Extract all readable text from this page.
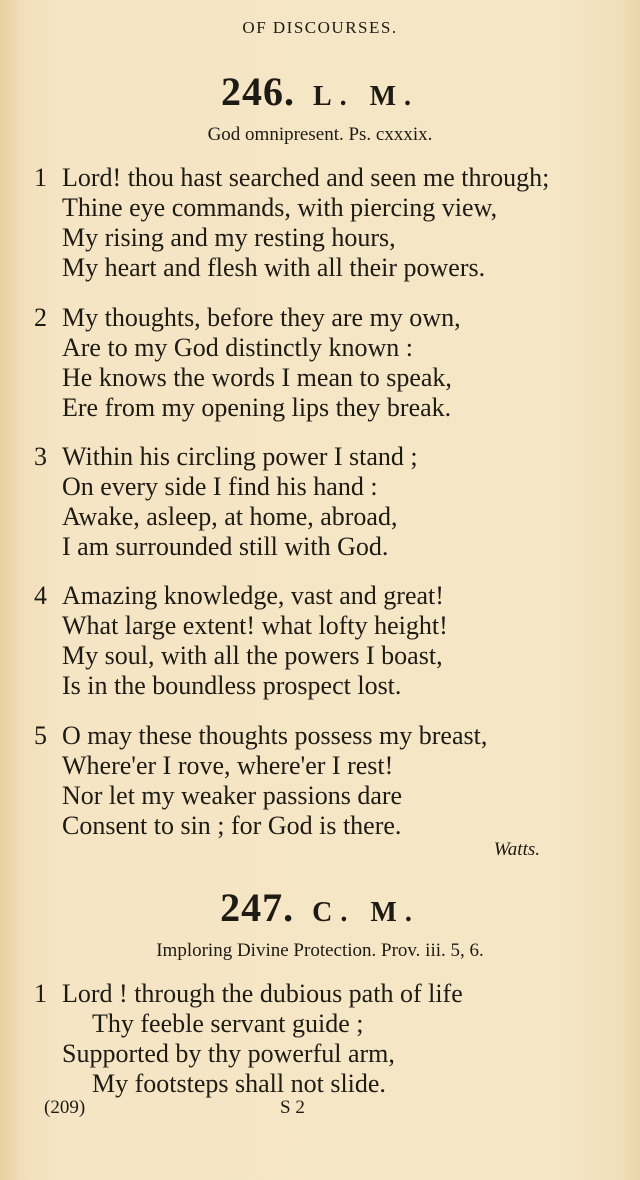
OF DISCOURSES.
246. L. M.
God omnipresent. Ps. cxxxix.
1 Lord! thou hast searched and seen me through;
Thine eye commands, with piercing view,
My rising and my resting hours,
My heart and flesh with all their powers.
2 My thoughts, before they are my own,
Are to my God distinctly known :
He knows the words I mean to speak,
Ere from my opening lips they break.
3 Within his circling power I stand ;
On every side I find his hand :
Awake, asleep, at home, abroad,
I am surrounded still with God.
4 Amazing knowledge, vast and great!
What large extent! what lofty height!
My soul, with all the powers I boast,
Is in the boundless prospect lost.
5 O may these thoughts possess my breast,
Where'er I rove, where'er I rest!
Nor let my weaker passions dare
Consent to sin ; for God is there.
Watts.
247. C. M.
Imploring Divine Protection. Prov. iii. 5, 6.
1 Lord ! through the dubious path of life
Thy feeble servant guide ;
Supported by thy powerful arm,
My footsteps shall not slide.
(209)	S 2
